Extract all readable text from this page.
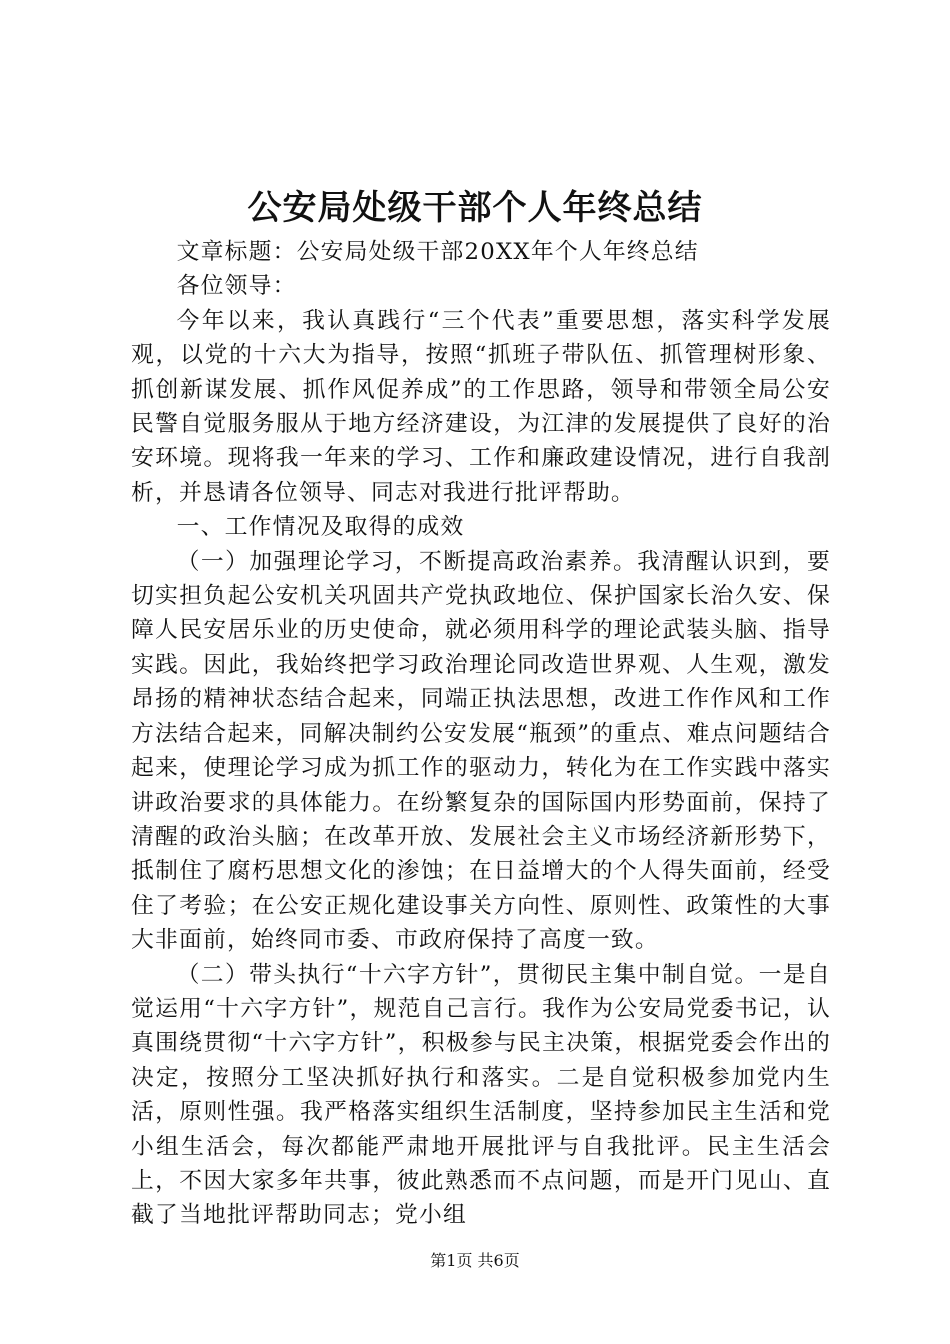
公安局处级干部个人年终总结

文章标题：公安局处级干部20XX年个人年终总结

各位领导：

今年以来，我认真践行“三个代表”重要思想，落实科学发展观，以党的十六大为指导，按照“抓班子带队伍、抓管理树形象、抓创新谋发展、抓作风促养成”的工作思路，领导和带领全局公安民警自觉服务服从于地方经济建设，为江津的发展提供了良好的治安环境。现将我一年来的学习、工作和廉政建设情况，进行自我剖析，并恳请各位领导、同志对我进行批评帮助。

一、工作情况及取得的成效

（一）加强理论学习，不断提高政治素养。我清醒认识到，要切实担负起公安机关巩固共产党执政地位、保护国家长治久安、保障人民安居乐业的历史使命，就必须用科学的理论武装头脑、指导实践。因此，我始终把学习政治理论同改造世界观、人生观，激发昂扬的精神状态结合起来，同端正执法思想，改进工作作风和工作方法结合起来，同解决制约公安发展“瓶颈”的重点、难点问题结合起来，使理论学习成为抓工作的驱动力，转化为在工作实践中落实讲政治要求的具体能力。在纷繁复杂的国际国内形势面前，保持了清醒的政治头脑；在改革开放、发展社会主义市场经济新形势下，抵制住了腐朽思想文化的渗蚀；在日益增大的个人得失面前，经受住了考验；在公安正规化建设事关方向性、原则性、政策性的大事大非面前，始终同市委、市政府保持了高度一致。

（二）带头执行“十六字方针”，贯彻民主集中制自觉。一是自觉运用“十六字方针”，规范自己言行。我作为公安局党委书记，认真围绕贯彻“十六字方针”，积极参与民主决策，根据党委会作出的决定，按照分工坚决抓好执行和落实。二是自觉积极参加党内生活，原则性强。我严格落实组织生活制度，坚持参加民主生活和党小组生活会，每次都能严肃地开展批评与自我批评。民主生活会上，不因大家多年共事，彼此熟悉而不点问题，而是开门见山、直截了当地批评帮助同志；党小组

第1页 共6页
